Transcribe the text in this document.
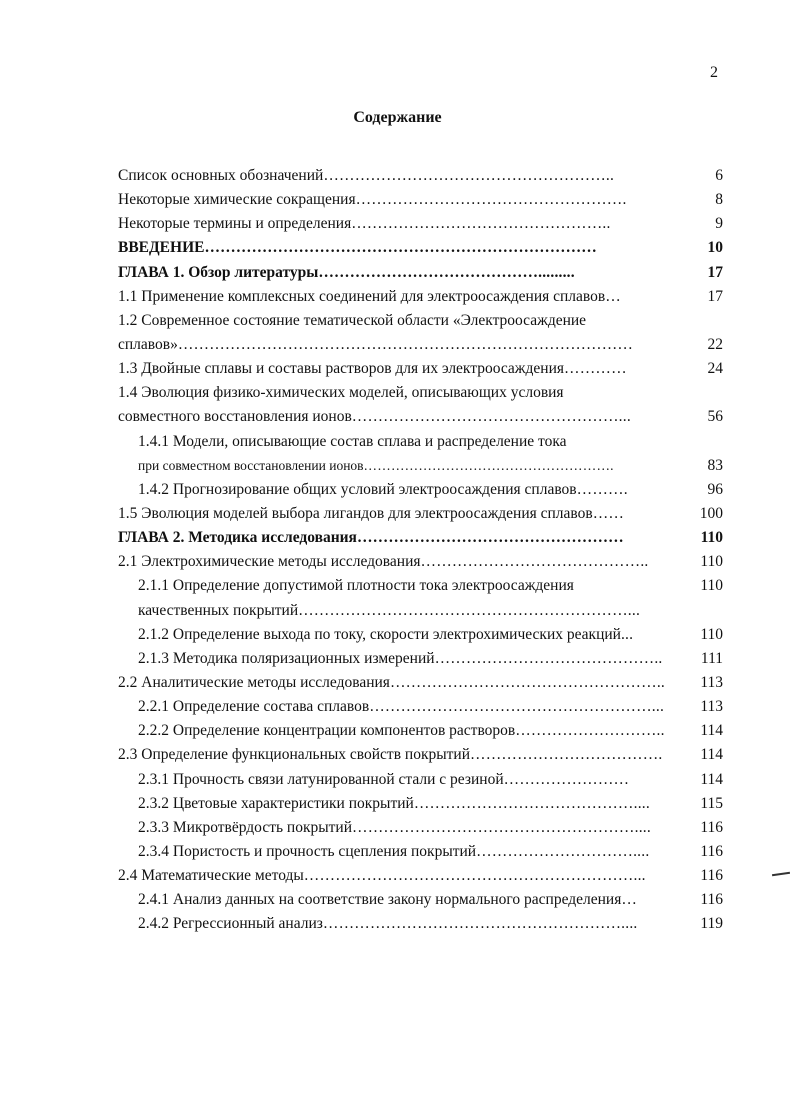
2
Содержание
Список основных обозначений………………………………………………..	6
Некоторые химические сокращения…………………………………………….	8
Некоторые термины и определения…………………………………………..	9
ВВЕДЕНИЕ…………………………………………………………………	10
ГЛАВА 1. Обзор литературы…………………………………….........	17
1.1 Применение комплексных соединений для электроосаждения сплавов…	17
1.2 Современное состояние тематической области «Электроосаждение
сплавов»……………………………………………………………………………	22
1.3 Двойные сплавы и составы растворов для их электроосаждения…………	24
1.4 Эволюция физико-химических моделей, описывающих условия
совместного восстановления ионов……………………………………………...	56
1.4.1 Модели, описывающие состав сплава и распределение тока
при совместном восстановлении ионов……………………………………………….	83
1.4.2 Прогнозирование общих условий электроосаждения сплавов……….	96
1.5 Эволюция моделей выбора лигандов для электроосаждения сплавов……	100
ГЛАВА 2. Методика исследования……………………………………………	110
2.1 Электрохимические методы исследования……………………………………..	110
2.1.1 Определение допустимой плотности тока электроосаждения	110
качественных покрытий………………………………………………………...
2.1.2 Определение выхода по току, скорости электрохимических реакций...	110
2.1.3 Методика поляризационных измерений……………………………………..	111
2.2 Аналитические методы исследования……………………………………………..	113
2.2.1 Определение состава сплавов………………………………………………...	113
2.2.2 Определение концентрации компонентов растворов………………………..	114
2.3 Определение функциональных свойств покрытий……………………………….	114
2.3.1 Прочность связи латунированной стали с резиной……………………	114
2.3.2 Цветовые характеристики покрытий……………………………………....	115
2.3.3 Микротвёрдость покрытий………………………………………………....	116
2.3.4 Пористость и прочность сцепления покрытий…………………………....	116
2.4 Математические методы………………………………………………………...	116
2.4.1 Анализ данных на соответствие закону нормального распределения…	116
2.4.2 Регрессионный анализ…………………………………………………....	119
